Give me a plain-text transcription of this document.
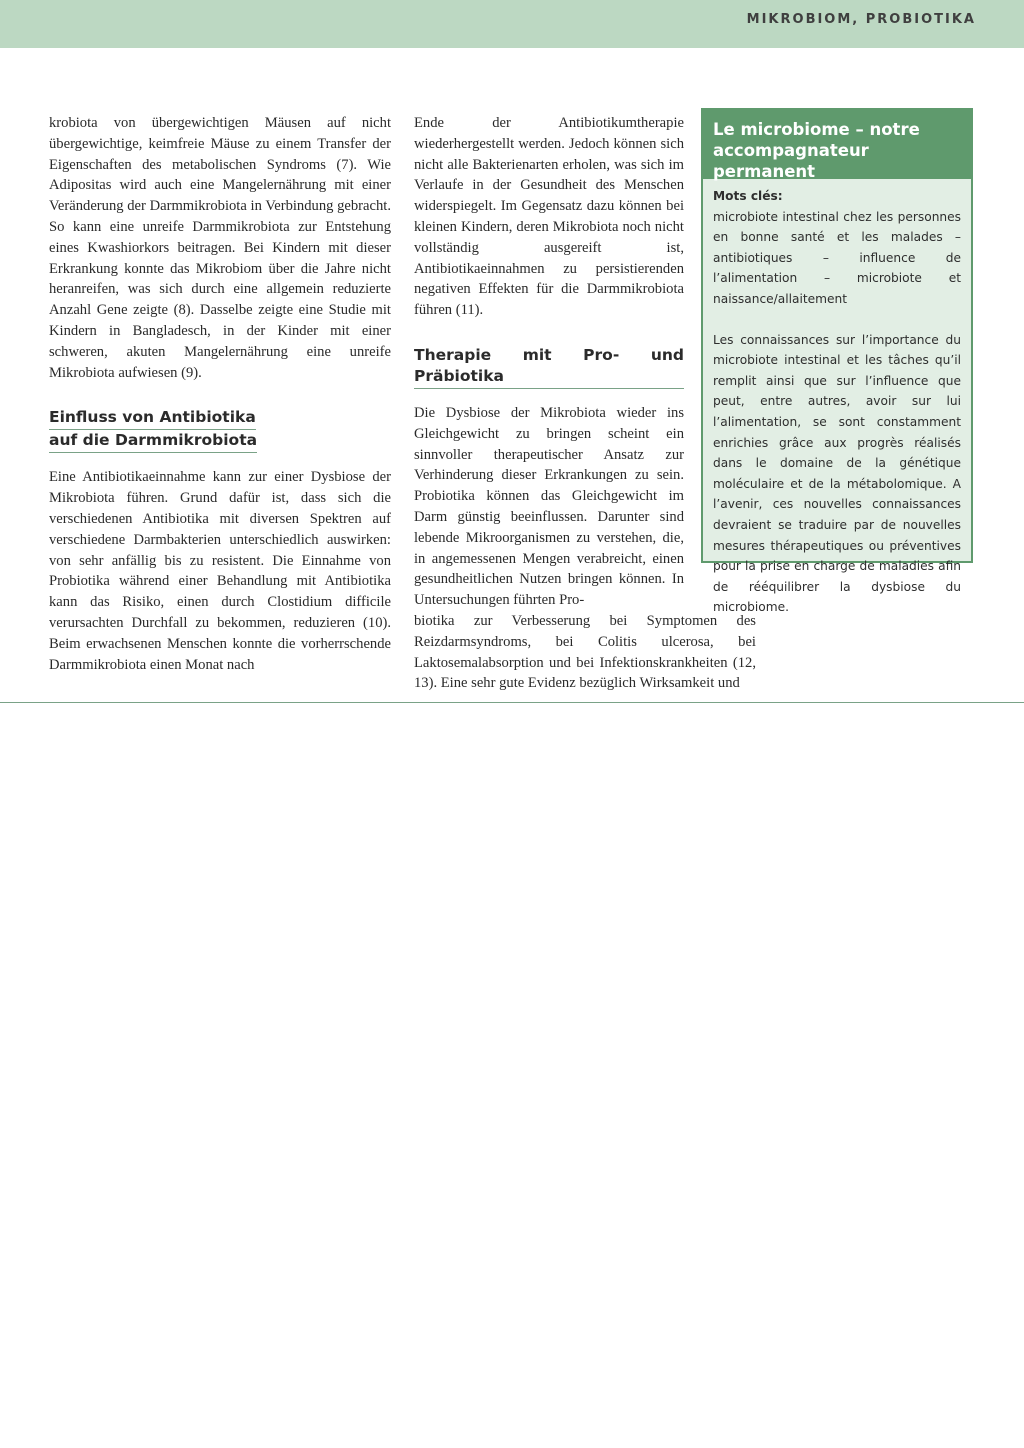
MIKROBIOM, PROBIOTIKA

krobiota von übergewichtigen Mäusen auf nicht übergewichtige, keimfreie Mäuse zu einem Transfer der Eigenschaften des metabolischen Syndroms (7). Wie Adipositas wird auch eine Mangelernährung mit einer Veränderung der Darmmikrobiota in Verbindung gebracht. So kann eine unreife Darmmikrobiota zur Entstehung eines Kwashiorkors beitragen. Bei Kindern mit dieser Erkrankung konnte das Mikrobiom über die Jahre nicht heranreifen, was sich durch eine allgemein reduzierte Anzahl Gene zeigte (8). Dasselbe zeigte eine Studie mit Kindern in Bangladesch, in der Kinder mit einer schweren, akuten Mangelernährung eine unreife Mikrobiota aufwiesen (9).

Einfluss von Antibiotika
auf die Darmmikrobiota

Eine Antibiotikaeinnahme kann zur einer Dysbiose der Mikrobiota führen. Grund dafür ist, dass sich die verschiedenen Antibiotika mit diversen Spektren auf verschiedene Darmbakterien unterschiedlich auswirken: von sehr anfällig bis zu resistent. Die Einnahme von Probiotika während einer Behandlung mit Antibiotika kann das Risiko, einen durch Clostidium difficile verursachten Durchfall zu bekommen, reduzieren (10). Beim erwachsenen Menschen konnte die vorherrschende Darmmikrobiota einen Monat nach

Ende der Antibiotikumtherapie wiederhergestellt werden. Jedoch können sich nicht alle Bakterienarten erholen, was sich im Verlaufe in der Gesundheit des Menschen widerspiegelt. Im Gegensatz dazu können bei kleinen Kindern, deren Mikrobiota noch nicht vollständig ausgereift ist, Antibiotikaeinnahmen zu persistierenden negativen Effekten für die Darmmikrobiota führen (11).

Therapie mit Pro- und Präbiotika

Die Dysbiose der Mikrobiota wieder ins Gleichgewicht zu bringen scheint ein sinnvoller therapeutischer Ansatz zur Verhinderung dieser Erkrankungen zu sein. Probiotika können das Gleichgewicht im Darm günstig beeinflussen. Darunter sind lebende Mikroorganismen zu verstehen, die, in angemessenen Mengen verabreicht, einen gesundheitlichen Nutzen bringen können. In Untersuchungen führten Pro-

biotika zur Verbesserung bei Symptomen des Reizdarmsyndroms, bei Colitis ulcerosa, bei Laktosemalabsorption und bei Infektionskrankheiten (12, 13). Eine sehr gute Evidenz bezüglich Wirksamkeit und

Le microbiome – notre accompagnateur permanent
Mots clés:

microbiote intestinal chez les personnes en bonne santé et les malades – antibiotiques – influence de l’alimentation – microbiote et naissance/allaitement

Les connaissances sur l’importance du microbiote intestinal et les tâches qu’il remplit ainsi que sur l’influence que peut, entre autres, avoir sur lui l’alimentation, se sont constamment enrichies grâce aux progrès réalisés dans le domaine de la génétique moléculaire et de la métabolomique. A l’avenir, ces nouvelles connaissances devraient se traduire par de nouvelles mesures thérapeutiques ou préventives pour la prise en charge de maladies afin de rééquilibrer la dysbiose du microbiome.
